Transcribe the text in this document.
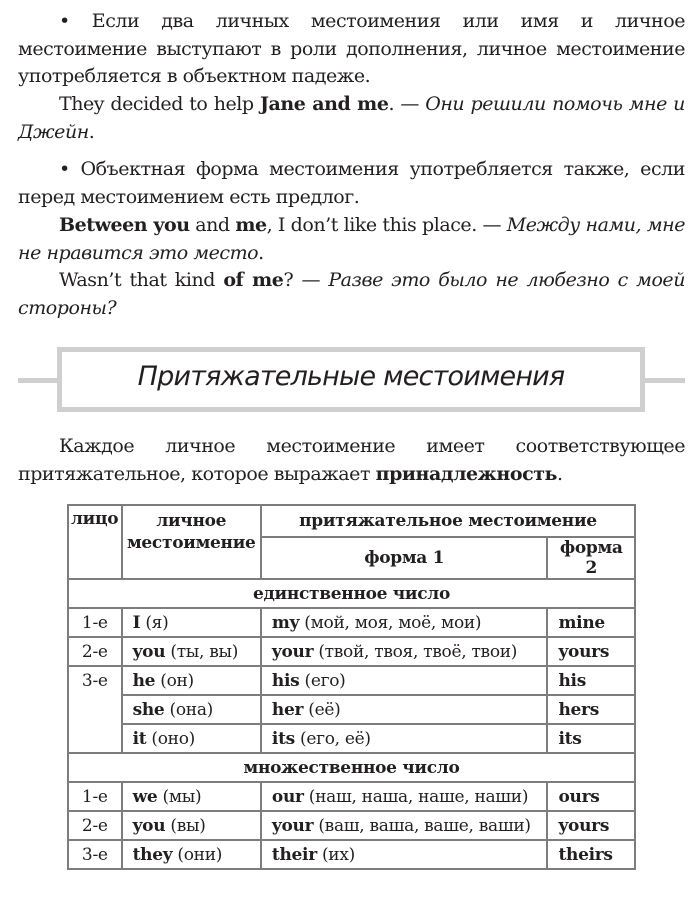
• Если два личных местоимения или имя и личное местоимение выступают в роли дополнения, личное местоимение употребляется в объектном падеже.
They decided to help Jane and me. — Они решили помочь мне и Джейн.
• Объектная форма местоимения употребляется также, если перед местоимением есть предлог.
Between you and me, I don’t like this place. — Между нами, мне не нравится это место.
Wasn’t that kind of me? — Разве это было не любезно с моей стороны?
Притяжательные местоимения
Каждое личное местоимение имеет соответствующее притяжательное, которое выражает принадлежность.
лицо	личное местоимение	притяжательное местоимение	
		форма 1	форма 2
единственное число			
1-е	I (я)	my (мой, моя, моё, мои)	mine
2-е	you (ты, вы)	your (твой, твоя, твоё, твои)	yours
3-е	he (он)	his (его)	his
	she (она)	her (её)	hers
	it (оно)	its (его, её)	its
множественное число			
1-е	we (мы)	our (наш, наша, наше, наши)	ours
2-е	you (вы)	your (ваш, ваша, ваше, ваши)	yours
3-е	they (они)	their (их)	theirs
